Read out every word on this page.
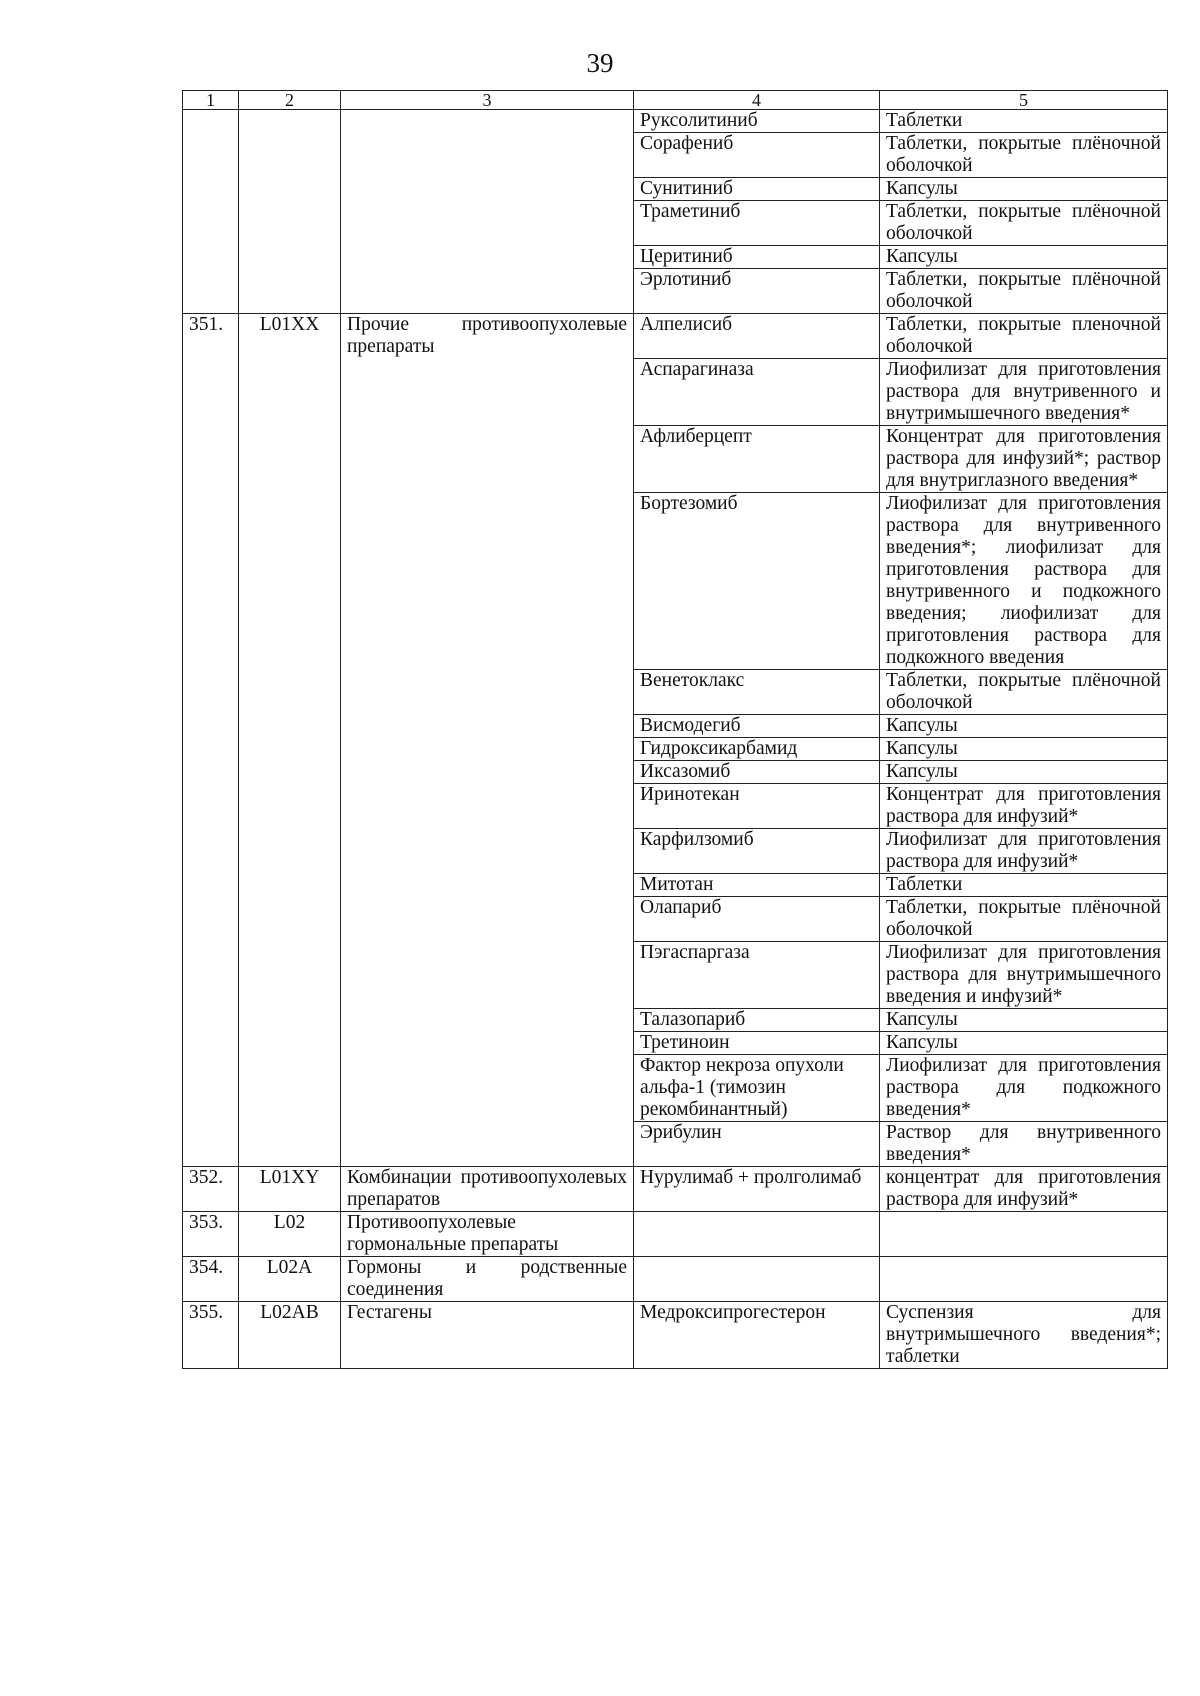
39
1	2	3	4	5
			Руксолитиниб	Таблетки
			Сорафениб	Таблетки, покрытые плёночной оболочкой
			Сунитиниб	Капсулы
			Траметиниб	Таблетки, покрытые плёночной оболочкой
			Церитиниб	Капсулы
			Эрлотиниб	Таблетки, покрытые плёночной оболочкой
351.	L01XX	Прочие противоопухолевые препараты	Алпелисиб	Таблетки, покрытые пленочной оболочкой
			Аспарагиназа	Лиофилизат для приготовления раствора для внутривенного и внутримышечного введения*
			Афлиберцепт	Концентрат для приготовления раствора для инфузий*; раствор для внутриглазного введения*
			Бортезомиб	Лиофилизат для приготовления раствора для внутривенного введения*; лиофилизат для приготовления раствора для внутривенного и подкожного введения; лиофилизат для приготовления раствора для подкожного введения
			Венетоклакс	Таблетки, покрытые плёночной оболочкой
			Висмодегиб	Капсулы
			Гидроксикарбамид	Капсулы
			Иксазомиб	Капсулы
			Иринотекан	Концентрат для приготовления раствора для инфузий*
			Карфилзомиб	Лиофилизат для приготовления раствора для инфузий*
			Митотан	Таблетки
			Олапариб	Таблетки, покрытые плёночной оболочкой
			Пэгаспаргаза	Лиофилизат для приготовления раствора для внутримышечного введения и инфузий*
			Талазопариб	Капсулы
			Третиноин	Капсулы
			Фактор некроза опухоли альфа-1 (тимозин рекомбинантный)	Лиофилизат для приготовления раствора для подкожного введения*
			Эрибулин	Раствор для внутривенного введения*
352.	L01XY	Комбинации противоопухолевых препаратов	Нурулимаб + пролголимаб	концентрат для приготовления раствора для инфузий*
353.	L02	Противоопухолевые гормональные препараты		
354.	L02A	Гормоны и родственные соединения		
355.	L02AB	Гестагены	Медроксипрогестерон	Суспензия для внутримышечного введения*; таблетки
